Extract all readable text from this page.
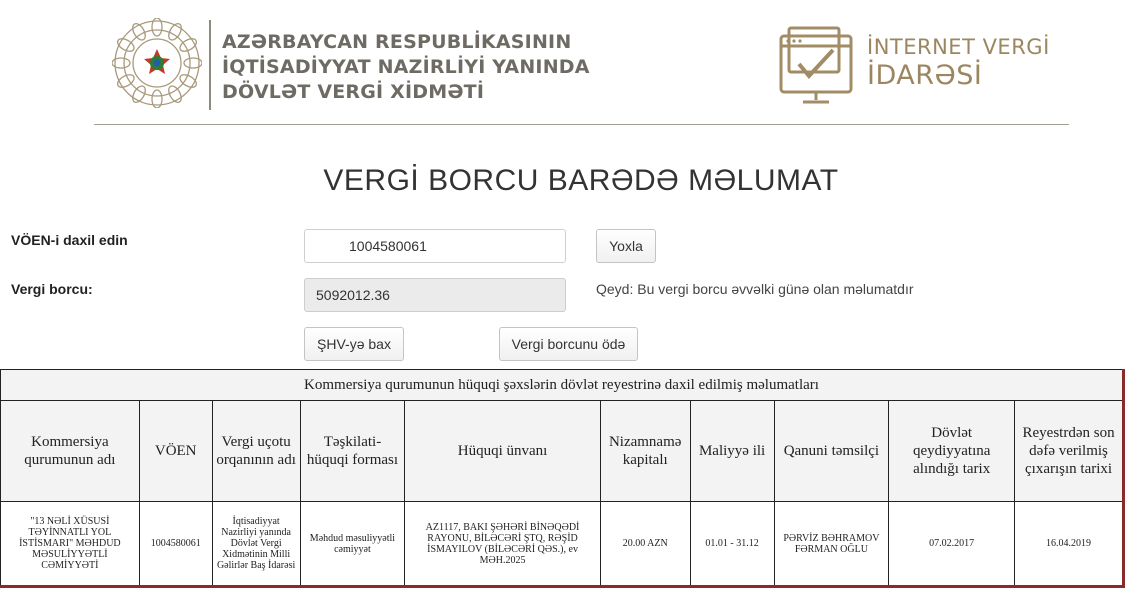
AZƏRBAYCAN RESPUBLİKASININ
İQTİSADİYYAT NAZİRLİYİ YANINDA
DÖVLƏT VERGİ XİDMƏTİ
İNTERNET VERGİ
İDARƏSİ
VERGİ BORCU BARƏDƏ MƏLUMAT
VÖEN-i daxil edin
1004580061	Yoxla
Vergi borcu:
5092012.36	Qeyd: Bu vergi borcu əvvəlki günə olan məlumatdır
ŞHV-yə bax	Vergi borcunu ödə
Kommersiya qurumunun hüquqi şəxslərin dövlət reyestrinə daxil edilmiş məlumatları									
Kommersiya qurumunun adı	VÖEN	Vergi uçotu orqanının adı	Təşkilati-hüquqi forması	Hüquqi ünvanı	Nizamnamə kapitalı	Maliyyə ili	Qanuni təmsilçi	Dövlət qeydiyyatına alındığı tarix	Reyestrdən son dəfə verilmiş çıxarışın tarixi
"13 NƏLİ XÜSUSİ TƏYİNNATLI YOL İSTİSMARI" MƏHDUD MƏSULİYYƏTLİ CƏMİYYƏTİ	1004580061	İqtisadiyyat Nazirliyi yanında Dövlət Vergi Xidmətinin Milli Gəlirlər Baş İdarəsi	Məhdud məsuliyyətli cəmiyyət	AZ1117, BAKI ŞƏHƏRİ BİNƏQƏDİ RAYONU, BİLƏCƏRİ ŞTQ, RƏŞİD İSMAYILOV (BİLƏCƏRİ QƏS.), ev MƏH.2025	20.00 AZN	01.01 - 31.12	PƏRVİZ BƏHRAMOV FƏRMAN OĞLU	07.02.2017	16.04.2019
